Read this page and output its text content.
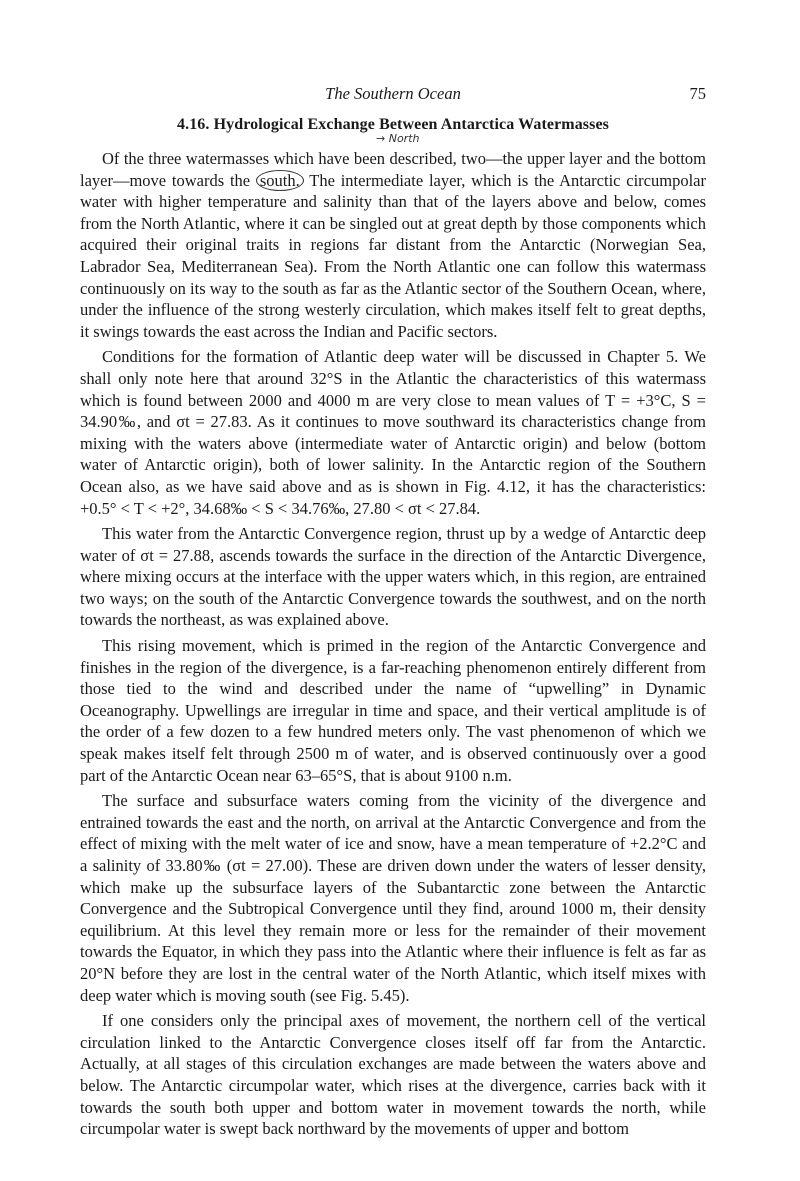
The Southern Ocean	75
4.16. Hydrological Exchange Between Antarctica Watermasses
→ North

Of the three watermasses which have been described, two—the upper layer and the bottom layer—move towards the south. The intermediate layer, which is the Antarctic circumpolar water with higher temperature and salinity than that of the layers above and below, comes from the North Atlantic, where it can be singled out at great depth by those components which acquired their original traits in regions far distant from the Antarctic (Norwegian Sea, Labrador Sea, Mediterranean Sea). From the North Atlantic one can follow this watermass continuously on its way to the south as far as the Atlantic sector of the Southern Ocean, where, under the influence of the strong westerly circulation, which makes itself felt to great depths, it swings towards the east across the Indian and Pacific sectors.

Conditions for the formation of Atlantic deep water will be discussed in Chapter 5. We shall only note here that around 32°S in the Atlantic the characteristics of this watermass which is found between 2000 and 4000 m are very close to mean values of T = +3°C, S = 34.90‰, and σt = 27.83. As it continues to move southward its characteristics change from mixing with the waters above (intermediate water of Antarctic origin) and below (bottom water of Antarctic origin), both of lower salinity. In the Antarctic region of the Southern Ocean also, as we have said above and as is shown in Fig. 4.12, it has the characteristics: +0.5° < T < +2°, 34.68‰ < S < 34.76‰, 27.80 < σt < 27.84.

This water from the Antarctic Convergence region, thrust up by a wedge of Antarctic deep water of σt = 27.88, ascends towards the surface in the direction of the Antarctic Divergence, where mixing occurs at the interface with the upper waters which, in this region, are entrained two ways; on the south of the Antarctic Convergence towards the southwest, and on the north towards the northeast, as was explained above.

This rising movement, which is primed in the region of the Antarctic Convergence and finishes in the region of the divergence, is a far-reaching phenomenon entirely different from those tied to the wind and described under the name of “upwelling” in Dynamic Oceanography. Upwellings are irregular in time and space, and their vertical amplitude is of the order of a few dozen to a few hundred meters only. The vast phenomenon of which we speak makes itself felt through 2500 m of water, and is observed continuously over a good part of the Antarctic Ocean near 63–65°S, that is about 9100 n.m.

The surface and subsurface waters coming from the vicinity of the divergence and entrained towards the east and the north, on arrival at the Antarctic Convergence and from the effect of mixing with the melt water of ice and snow, have a mean temperature of +2.2°C and a salinity of 33.80‰ (σt = 27.00). These are driven down under the waters of lesser density, which make up the subsurface layers of the Subantarctic zone between the Antarctic Convergence and the Subtropical Convergence until they find, around 1000 m, their density equilibrium. At this level they remain more or less for the remainder of their movement towards the Equator, in which they pass into the Atlantic where their influence is felt as far as 20°N before they are lost in the central water of the North Atlantic, which itself mixes with deep water which is moving south (see Fig. 5.45).

If one considers only the principal axes of movement, the northern cell of the vertical circulation linked to the Antarctic Convergence closes itself off far from the Antarctic. Actually, at all stages of this circulation exchanges are made between the waters above and below. The Antarctic circumpolar water, which rises at the divergence, carries back with it towards the south both upper and bottom water in movement towards the north, while circumpolar water is swept back northward by the movements of upper and bottom
